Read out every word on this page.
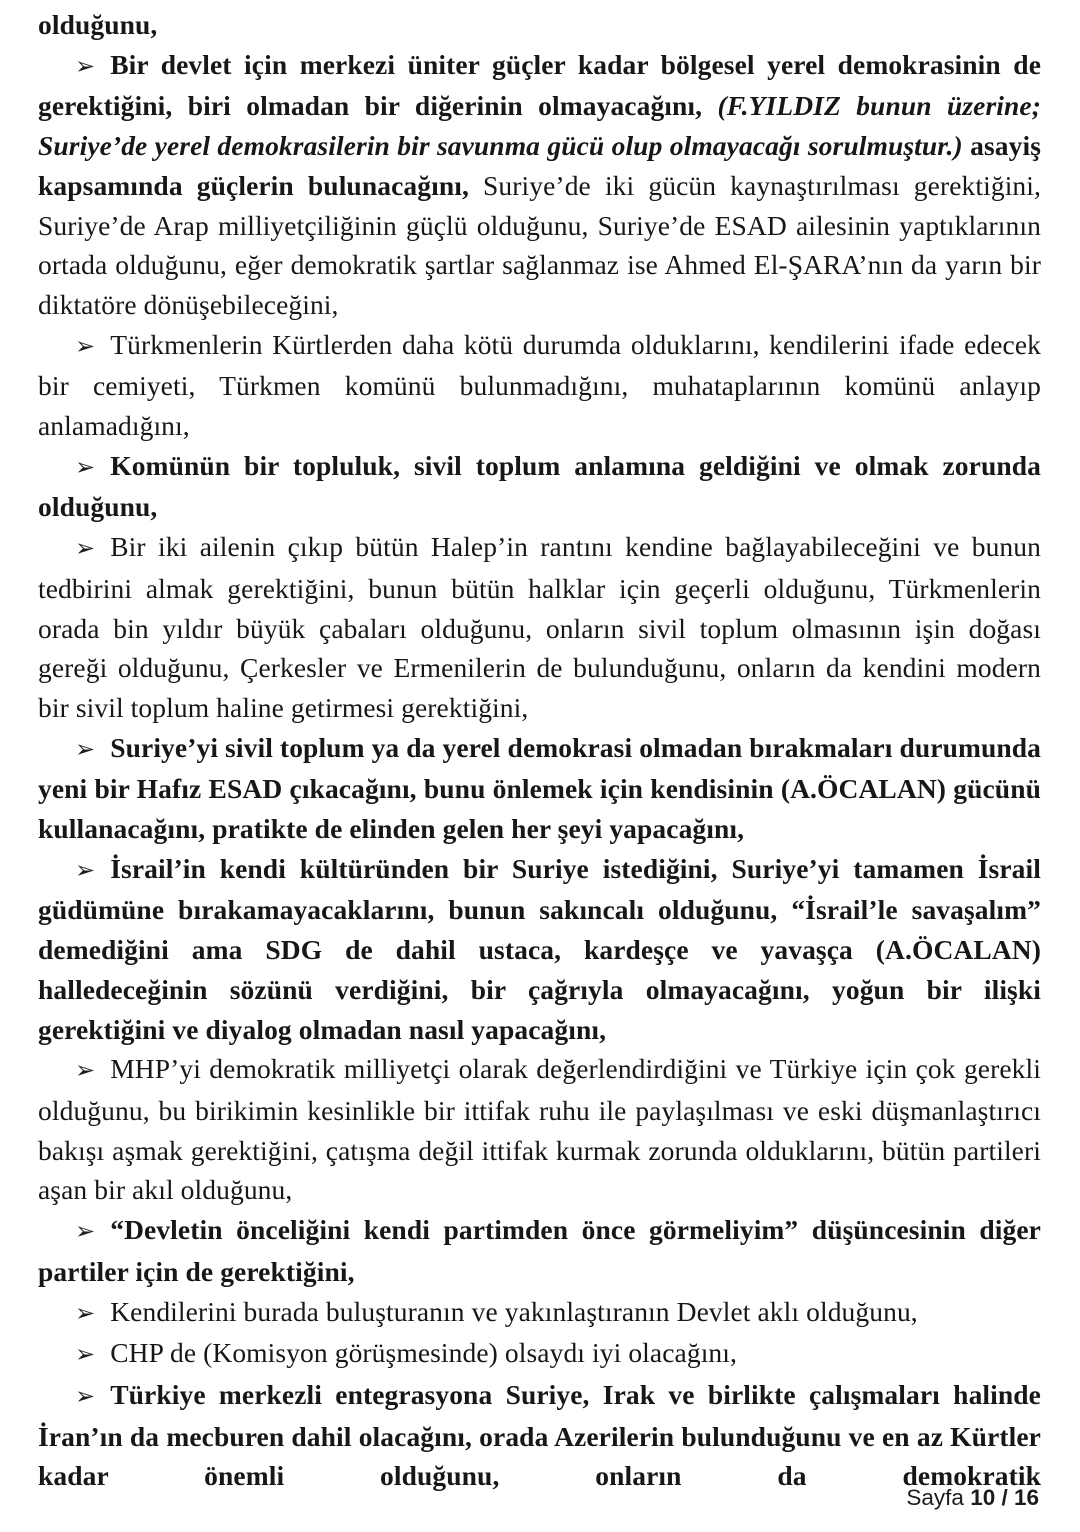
olduğunu,

➢ Bir devlet için merkezi üniter güçler kadar bölgesel yerel demokrasinin de gerektiğini, biri olmadan bir diğerinin olmayacağını, (F.YILDIZ bunun üzerine; Suriye’de yerel demokrasilerin bir savunma gücü olup olmayacağı sorulmuştur.) asayiş kapsamında güçlerin bulunacağını, Suriye’de iki gücün kaynaştırılması gerektiğini, Suriye’de Arap milliyetçiliğinin güçlü olduğunu, Suriye’de ESAD ailesinin yaptıklarının ortada olduğunu, eğer demokratik şartlar sağlanmaz ise Ahmed El-ŞARA’nın da yarın bir diktatöre dönüşebileceğini,

➢ Türkmenlerin Kürtlerden daha kötü durumda olduklarını, kendilerini ifade edecek bir cemiyeti, Türkmen komünü bulunmadığını, muhataplarının komünü anlayıp anlamadığını,

➢ Komünün bir topluluk, sivil toplum anlamına geldiğini ve olmak zorunda olduğunu,

➢ Bir iki ailenin çıkıp bütün Halep’in rantını kendine bağlayabileceğini ve bunun tedbirini almak gerektiğini, bunun bütün halklar için geçerli olduğunu, Türkmenlerin orada bin yıldır büyük çabaları olduğunu, onların sivil toplum olmasının işin doğası gereği olduğunu, Çerkesler ve Ermenilerin de bulunduğunu, onların da kendini modern bir sivil toplum haline getirmesi gerektiğini,

➢ Suriye’yi sivil toplum ya da yerel demokrasi olmadan bırakmaları durumunda yeni bir Hafız ESAD çıkacağını, bunu önlemek için kendisinin (A.ÖCALAN) gücünü kullanacağını, pratikte de elinden gelen her şeyi yapacağını,

➢ İsrail’in kendi kültüründen bir Suriye istediğini, Suriye’yi tamamen İsrail güdümüne bırakamayacaklarını, bunun sakıncalı olduğunu, “İsrail’le savaşalım” demediğini ama SDG de dahil ustaca, kardeşçe ve yavaşça (A.ÖCALAN) halledeceğinin sözünü verdiğini, bir çağrıyla olmayacağını, yoğun bir ilişki gerektiğini ve diyalog olmadan nasıl yapacağını,

➢ MHP’yi demokratik milliyetçi olarak değerlendirdiğini ve Türkiye için çok gerekli olduğunu, bu birikimin kesinlikle bir ittifak ruhu ile paylaşılması ve eski düşmanlaştırıcı bakışı aşmak gerektiğini, çatışma değil ittifak kurmak zorunda olduklarını, bütün partileri aşan bir akıl olduğunu,

➢ “Devletin önceliğini kendi partimden önce görmeliyim” düşüncesinin diğer partiler için de gerektiğini,

➢ Kendilerini burada buluşturanın ve yakınlaştıranın Devlet aklı olduğunu,

➢ CHP de (Komisyon görüşmesinde) olsaydı iyi olacağını,

➢ Türkiye merkezli entegrasyona Suriye, Irak ve birlikte çalışmaları halinde İran’ın da mecburen dahil olacağını, orada Azerilerin bulunduğunu ve en az Kürtler kadar önemli olduğunu, onların da demokratik

Sayfa 10 / 16
